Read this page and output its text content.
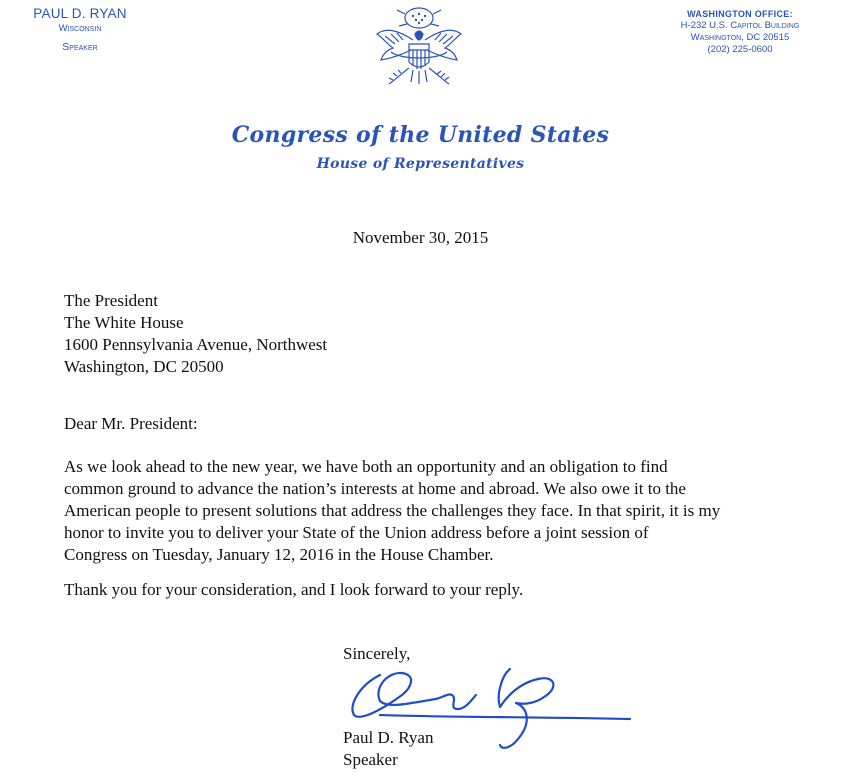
PAUL D. RYAN
Wisconsin
Speaker
WASHINGTON OFFICE:
H-232 U.S. Capitol Building
Washington, DC 20515
(202) 225-0600
Congress of the United States
House of Representatives
November 30, 2015
The President
The White House
1600 Pennsylvania Avenue, Northwest
Washington, DC 20500
Dear Mr. President:
As we look ahead to the new year, we have both an opportunity and an obligation to find
common ground to advance the nation’s interests at home and abroad. We also owe it to the
American people to present solutions that address the challenges they face. In that spirit, it is my
honor to invite you to deliver your State of the Union address before a joint session of
Congress on Tuesday, January 12, 2016 in the House Chamber.
Thank you for your consideration, and I look forward to your reply.
Sincerely,
Paul D. Ryan
Speaker
